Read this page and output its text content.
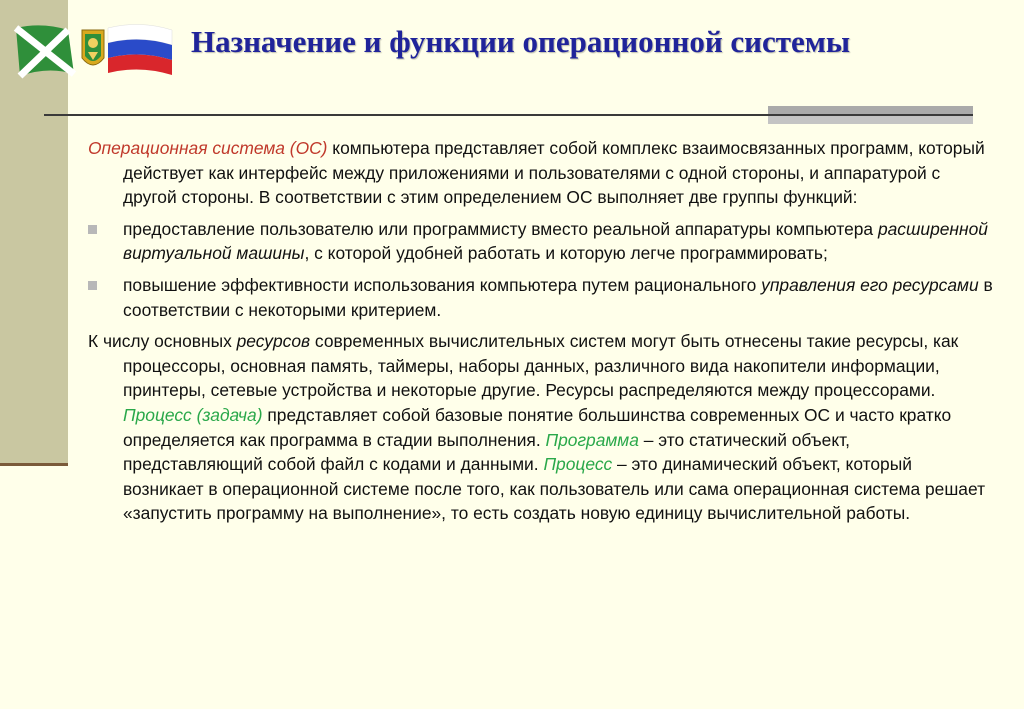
Назначение и функции операционной системы

Операционная система (ОС) компьютера представляет собой комплекс взаимосвязанных программ, который действует как интерфейс между приложениями и пользователями с одной стороны, и аппаратурой с другой стороны. В соответствии с этим определением ОС выполняет две группы функций:

предоставление пользователю или программисту вместо реальной аппаратуры компьютера расширенной виртуальной машины, с которой удобней работать и которую легче программировать;
повышение эффективности использования компьютера путем рационального управления его ресурсами в соответствии с некоторыми критерием.

К числу основных ресурсов современных вычислительных систем могут быть отнесены такие ресурсы, как процессоры, основная память, таймеры, наборы данных, различного вида накопители информации, принтеры, сетевые устройства и некоторые другие. Ресурсы распределяются между процессорами. Процесс (задача) представляет собой базовые понятие большинства современных ОС и часто кратко определяется как программа в стадии выполнения. Программа – это статический объект, представляющий собой файл с кодами и данными. Процесс – это динамический объект, который возникает в операционной системе после того, как пользователь или сама операционная система решает «запустить программу на выполнение», то есть создать новую единицу вычислительной работы.
